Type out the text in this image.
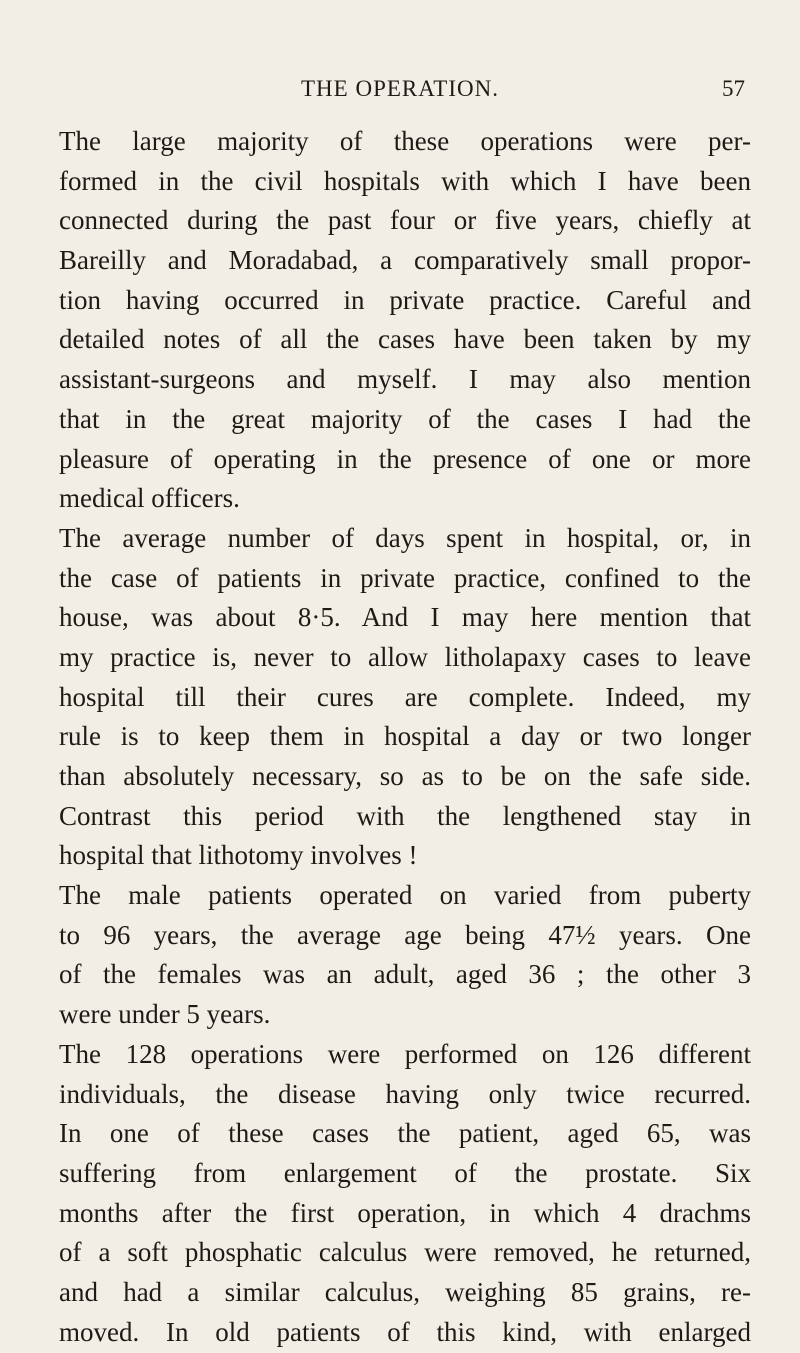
THE OPERATION.	57
The large majority of these operations were per-
formed in the civil hospitals with which I have been
connected during the past four or five years, chiefly at
Bareilly and Moradabad, a comparatively small propor-
tion having occurred in private practice. Careful and
detailed notes of all the cases have been taken by my
assistant-surgeons and myself. I may also mention
that in the great majority of the cases I had the
pleasure of operating in the presence of one or more
medical officers.
The average number of days spent in hospital, or, in
the case of patients in private practice, confined to the
house, was about 8·5. And I may here mention that
my practice is, never to allow litholapaxy cases to leave
hospital till their cures are complete. Indeed, my
rule is to keep them in hospital a day or two longer
than absolutely necessary, so as to be on the safe side.
Contrast this period with the lengthened stay in
hospital that lithotomy involves !
The male patients operated on varied from puberty
to 96 years, the average age being 47½ years. One
of the females was an adult, aged 36 ; the other 3
were under 5 years.
The 128 operations were performed on 126 different
individuals, the disease having only twice recurred.
In one of these cases the patient, aged 65, was
suffering from enlargement of the prostate. Six
months after the first operation, in which 4 drachms
of a soft phosphatic calculus were removed, he returned,
and had a similar calculus, weighing 85 grains, re-
moved. In old patients of this kind, with enlarged
